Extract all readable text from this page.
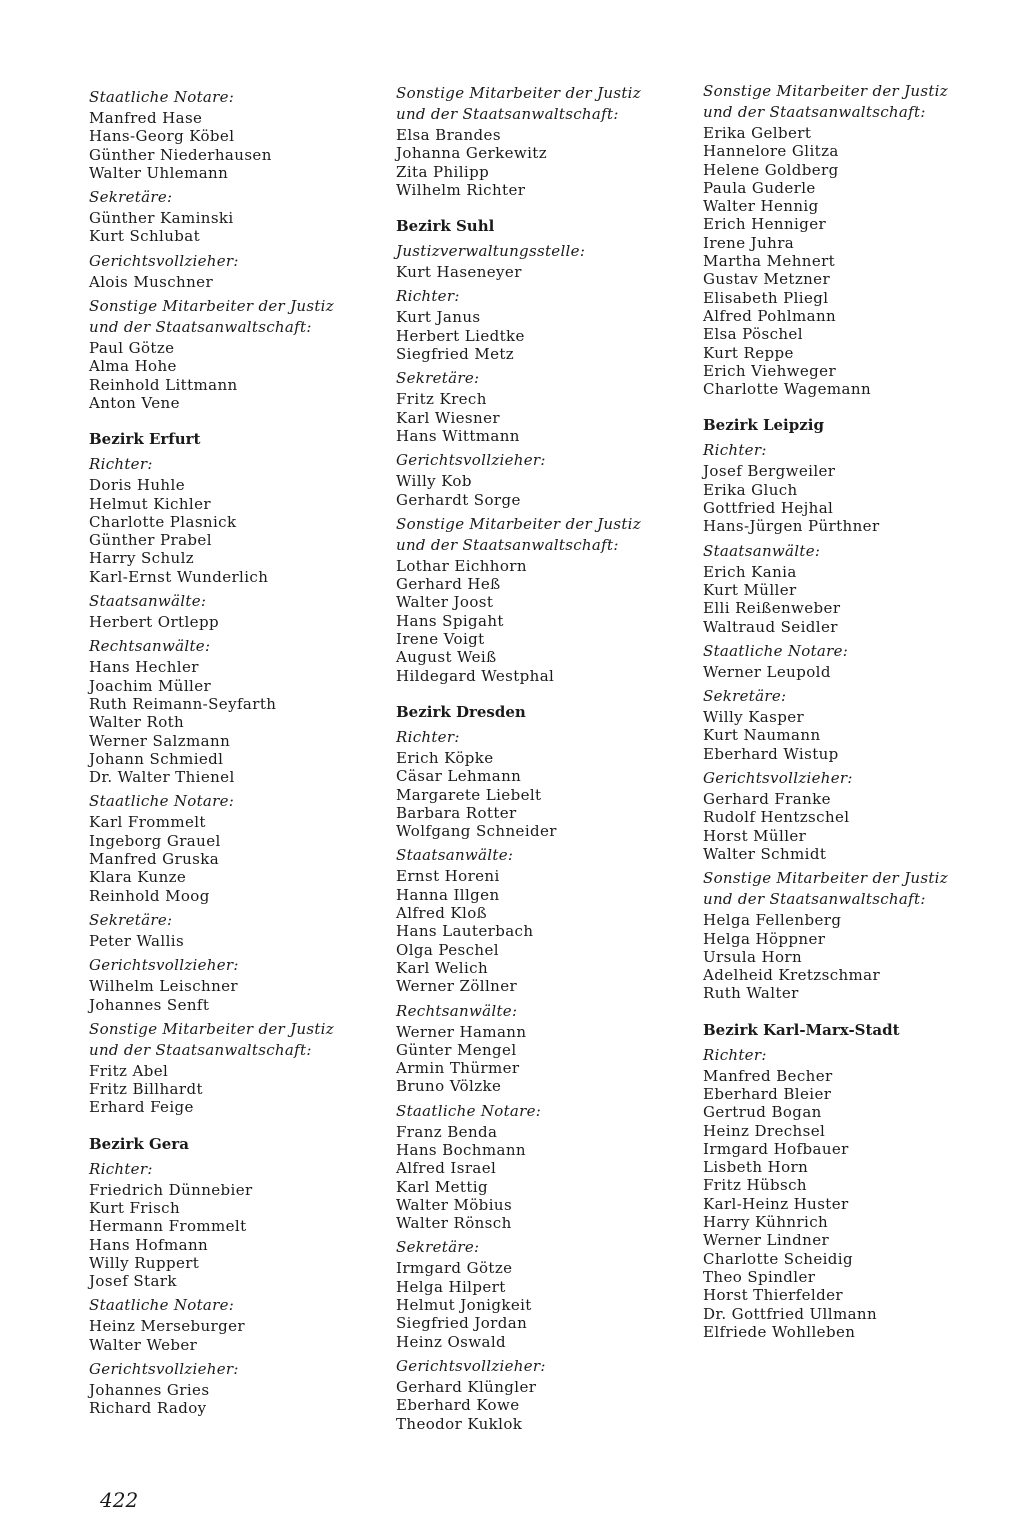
Staatliche Notare:
Manfred Hase
Hans-Georg Köbel
Günther Niederhausen
Walter Uhlemann
Sekretäre:
Günther Kaminski
Kurt Schlubat
Gerichtsvollzieher:
Alois Muschner
Sonstige Mitarbeiter der Justiz
und der Staatsanwaltschaft:
Paul Götze
Alma Hohe
Reinhold Littmann
Anton Vene
Bezirk Erfurt
Richter:
Doris Huhle
Helmut Kichler
Charlotte Plasnick
Günther Prabel
Harry Schulz
Karl-Ernst Wunderlich
Staatsanwälte:
Herbert Ortlepp
Rechtsanwälte:
Hans Hechler
Joachim Müller
Ruth Reimann-Seyfarth
Walter Roth
Werner Salzmann
Johann Schmiedl
Dr. Walter Thienel
Staatliche Notare:
Karl Frommelt
Ingeborg Grauel
Manfred Gruska
Klara Kunze
Reinhold Moog
Sekretäre:
Peter Wallis
Gerichtsvollzieher:
Wilhelm Leischner
Johannes Senft
Sonstige Mitarbeiter der Justiz
und der Staatsanwaltschaft:
Fritz Abel
Fritz Billhardt
Erhard Feige
Bezirk Gera
Richter:
Friedrich Dünnebier
Kurt Frisch
Hermann Frommelt
Hans Hofmann
Willy Ruppert
Josef Stark
Staatliche Notare:
Heinz Merseburger
Walter Weber
Gerichtsvollzieher:
Johannes Gries
Richard Radoy
Sonstige Mitarbeiter der Justiz
und der Staatsanwaltschaft:
Elsa Brandes
Johanna Gerkewitz
Zita Philipp
Wilhelm Richter
Bezirk Suhl
Justizverwaltungsstelle:
Kurt Haseneyer
Richter:
Kurt Janus
Herbert Liedtke
Siegfried Metz
Sekretäre:
Fritz Krech
Karl Wiesner
Hans Wittmann
Gerichtsvollzieher:
Willy Kob
Gerhardt Sorge
Sonstige Mitarbeiter der Justiz
und der Staatsanwaltschaft:
Lothar Eichhorn
Gerhard Heß
Walter Joost
Hans Spigaht
Irene Voigt
August Weiß
Hildegard Westphal
Bezirk Dresden
Richter:
Erich Köpke
Cäsar Lehmann
Margarete Liebelt
Barbara Rotter
Wolfgang Schneider
Staatsanwälte:
Ernst Horeni
Hanna Illgen
Alfred Kloß
Hans Lauterbach
Olga Peschel
Karl Welich
Werner Zöllner
Rechtsanwälte:
Werner Hamann
Günter Mengel
Armin Thürmer
Bruno Völzke
Staatliche Notare:
Franz Benda
Hans Bochmann
Alfred Israel
Karl Mettig
Walter Möbius
Walter Rönsch
Sekretäre:
Irmgard Götze
Helga Hilpert
Helmut Jonigkeit
Siegfried Jordan
Heinz Oswald
Gerichtsvollzieher:
Gerhard Klüngler
Eberhard Kowe
Theodor Kuklok
Sonstige Mitarbeiter der Justiz
und der Staatsanwaltschaft:
Erika Gelbert
Hannelore Glitza
Helene Goldberg
Paula Guderle
Walter Hennig
Erich Henniger
Irene Juhra
Martha Mehnert
Gustav Metzner
Elisabeth Pliegl
Alfred Pohlmann
Elsa Pöschel
Kurt Reppe
Erich Viehweger
Charlotte Wagemann
Bezirk Leipzig
Richter:
Josef Bergweiler
Erika Gluch
Gottfried Hejhal
Hans-Jürgen Pürthner
Staatsanwälte:
Erich Kania
Kurt Müller
Elli Reißenweber
Waltraud Seidler
Staatliche Notare:
Werner Leupold
Sekretäre:
Willy Kasper
Kurt Naumann
Eberhard Wistup
Gerichtsvollzieher:
Gerhard Franke
Rudolf Hentzschel
Horst Müller
Walter Schmidt
Sonstige Mitarbeiter der Justiz
und der Staatsanwaltschaft:
Helga Fellenberg
Helga Höppner
Ursula Horn
Adelheid Kretzschmar
Ruth Walter
Bezirk Karl-Marx-Stadt
Richter:
Manfred Becher
Eberhard Bleier
Gertrud Bogan
Heinz Drechsel
Irmgard Hofbauer
Lisbeth Horn
Fritz Hübsch
Karl-Heinz Huster
Harry Kühnrich
Werner Lindner
Charlotte Scheidig
Theo Spindler
Horst Thierfelder
Dr. Gottfried Ullmann
Elfriede Wohlleben
422
